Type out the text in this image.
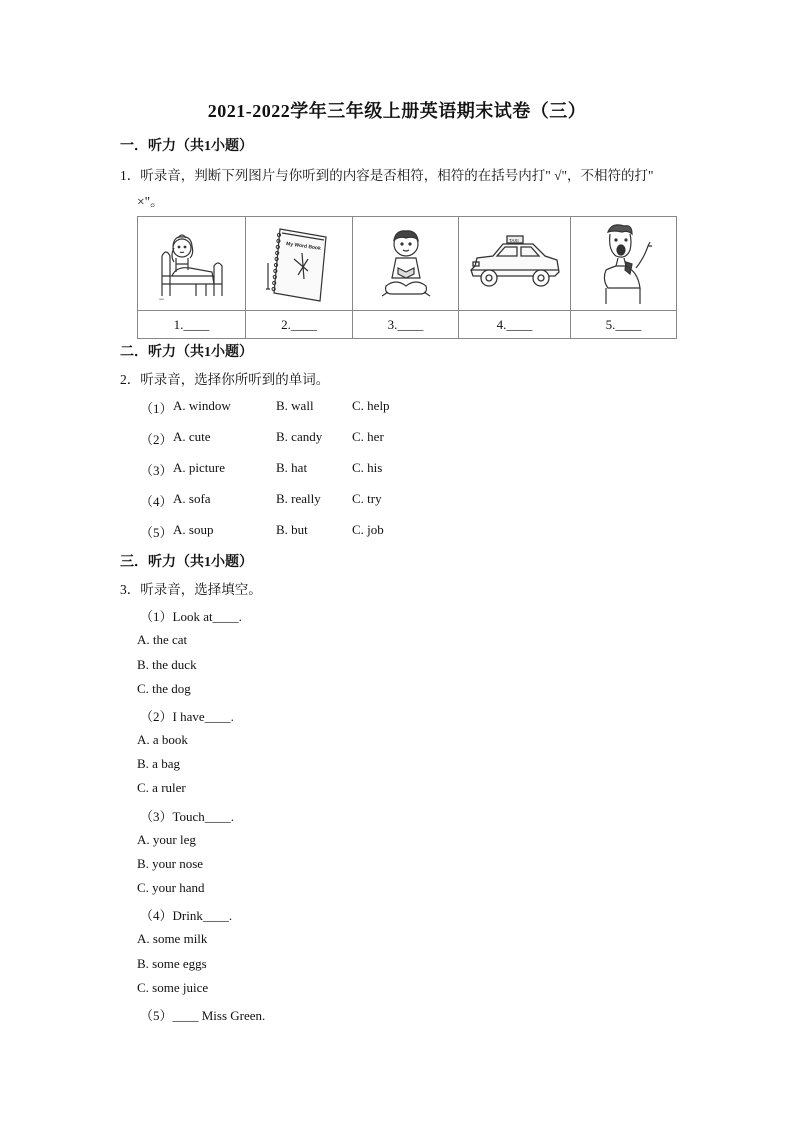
2021-2022学年三年级上册英语期末试卷（三）
一．听力（共1小题）
1．听录音，判断下列图片与你听到的内容是否相符，相符的在括号内打" √"，不相符的打"
×"。
ooo	My Word Book		TAXI

1.____	2.____	3.____	4.____	5.____
二．听力（共1小题）
2．听录音，选择你所听到的单词。
（1） A. window	B. wall	C. help
（2） A. cute	B. candy C. her
（3） A. picture	B. hat	C. his
（4） A. sofa	B. really C. try
（5） A. soup	B. but	C. job
三．听力（共1小题）
3．听录音，选择填空。
（1）Look at____.
A. the cat
B. the duck
C. the dog
（2）I have____.
A. a book
B. a bag
C. a ruler
（3）Touch____.
A. your leg
B. your nose
C. your hand
（4）Drink____.
A. some milk
B. some eggs
C. some juice
（5）____ Miss Green.
